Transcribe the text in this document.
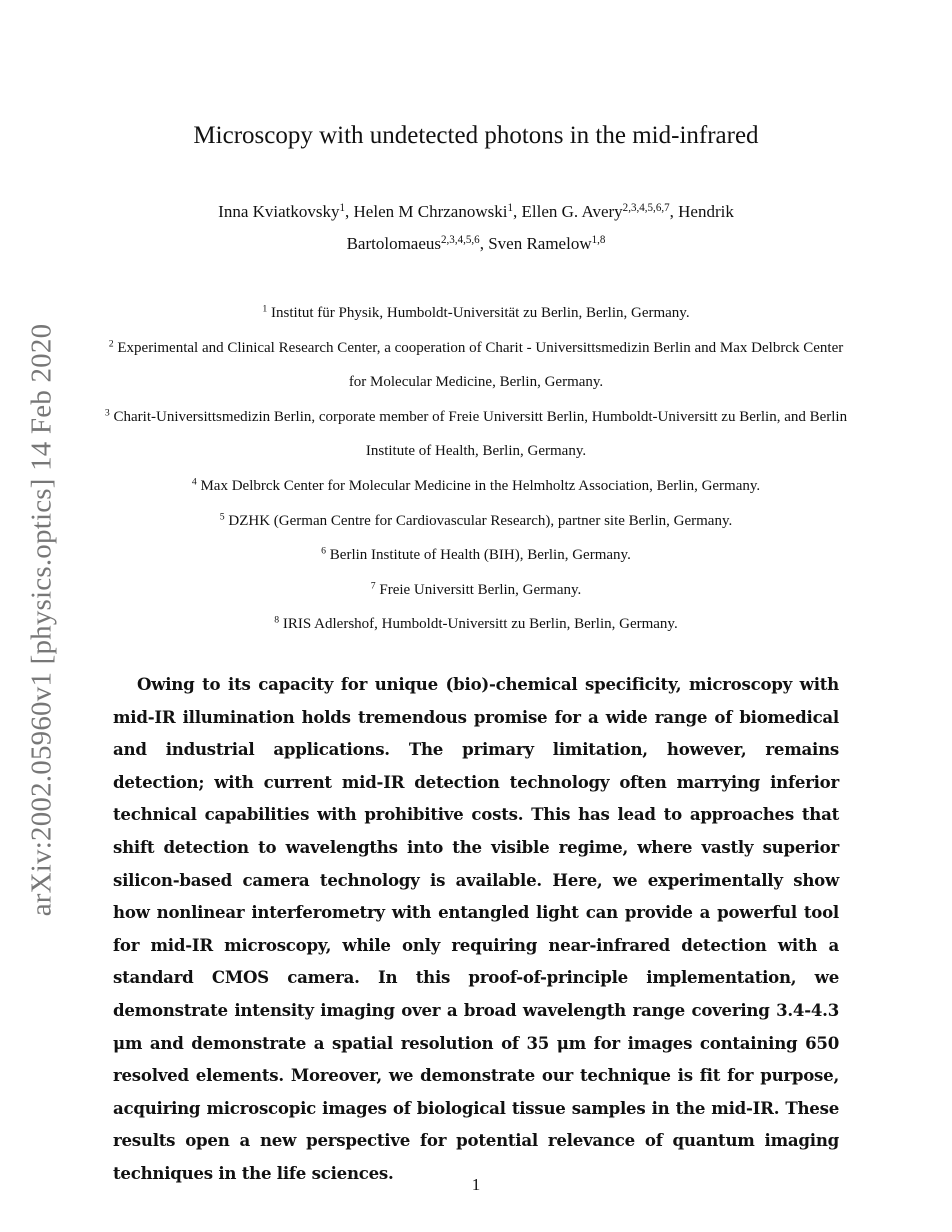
arXiv:2002.05960v1 [physics.optics] 14 Feb 2020
Microscopy with undetected photons in the mid-infrared
Inna Kviatkovsky$^1$, Helen M Chrzanowski$^1$, Ellen G. Avery$^{2,3,4,5,6,7}$, Hendrik Bartolomaeus$^{2,3,4,5,6}$, Sven Ramelow$^{1,8}$

$^1$ Institut für Physik, Humboldt-Universität zu Berlin, Berlin, Germany.

$^2$ Experimental and Clinical Research Center, a cooperation of Charit - Universittsmedizin Berlin and Max Delbrck Center for Molecular Medicine, Berlin, Germany.

$^3$ Charit-Universittsmedizin Berlin, corporate member of Freie Universitt Berlin, Humboldt-Universitt zu Berlin, and Berlin Institute of Health, Berlin, Germany.

$^4$ Max Delbrck Center for Molecular Medicine in the Helmholtz Association, Berlin, Germany.

$^5$ DZHK (German Centre for Cardiovascular Research), partner site Berlin, Germany.

$^6$ Berlin Institute of Health (BIH), Berlin, Germany.

$^7$ Freie Universitt Berlin, Germany.

$^8$ IRIS Adlershof, Humboldt-Universitt zu Berlin, Berlin, Germany.

Owing to its capacity for unique (bio)-chemical specificity, microscopy with mid-IR illumination holds tremendous promise for a wide range of biomedical and industrial applications. The primary limitation, however, remains detection; with current mid-IR detection technology often marrying inferior technical capabilities with prohibitive costs. This has lead to approaches that shift detection to wavelengths into the visible regime, where vastly superior silicon-based camera technology is available. Here, we experimentally show how nonlinear interferometry with entangled light can provide a powerful tool for mid-IR microscopy, while only requiring near-infrared detection with a standard CMOS camera. In this proof-of-principle implementation, we demonstrate intensity imaging over a broad wavelength range covering 3.4-4.3 μm and demonstrate a spatial resolution of 35 μm for images containing 650 resolved elements. Moreover, we demonstrate our technique is fit for purpose, acquiring microscopic images of biological tissue samples in the mid-IR. These results open a new perspective for potential relevance of quantum imaging techniques in the life sciences.

1
